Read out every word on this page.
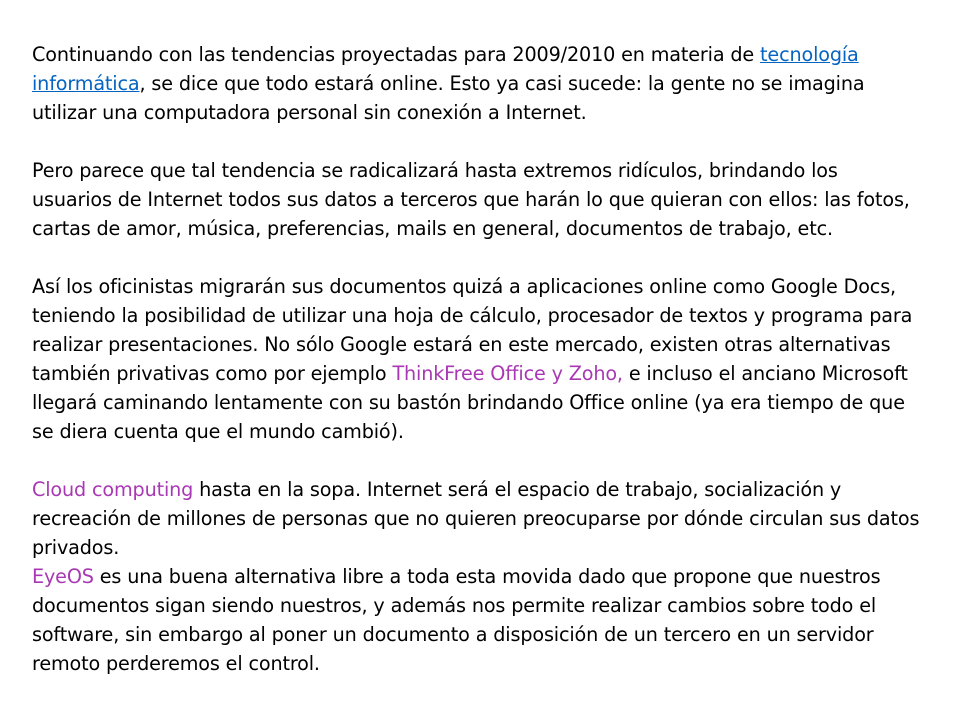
Continuando con las tendencias proyectadas para 2009/2010 en materia de tecnología informática, se dice que todo estará online. Esto ya casi sucede: la gente no se imagina utilizar una computadora personal sin conexión a Internet.

Pero parece que tal tendencia se radicalizará hasta extremos ridículos, brindando los usuarios de Internet todos sus datos a terceros que harán lo que quieran con ellos: las fotos, cartas de amor, música, preferencias, mails en general, documentos de trabajo, etc.

Así los oficinistas migrarán sus documentos quizá a aplicaciones online como Google Docs, teniendo la posibilidad de utilizar una hoja de cálculo, procesador de textos y programa para realizar presentaciones. No sólo Google estará en este mercado, existen otras alternativas también privativas como por ejemplo ThinkFree Office y Zoho, e incluso el anciano Microsoft llegará caminando lentamente con su bastón brindando Office online (ya era tiempo de que se diera cuenta que el mundo cambió).

Cloud computing hasta en la sopa. Internet será el espacio de trabajo, socialización y recreación de millones de personas que no quieren preocuparse por dónde circulan sus datos privados.

EyeOS es una buena alternativa libre a toda esta movida dado que propone que nuestros documentos sigan siendo nuestros, y además nos permite realizar cambios sobre todo el software, sin embargo al poner un documento a disposición de un tercero en un servidor remoto perderemos el control.
